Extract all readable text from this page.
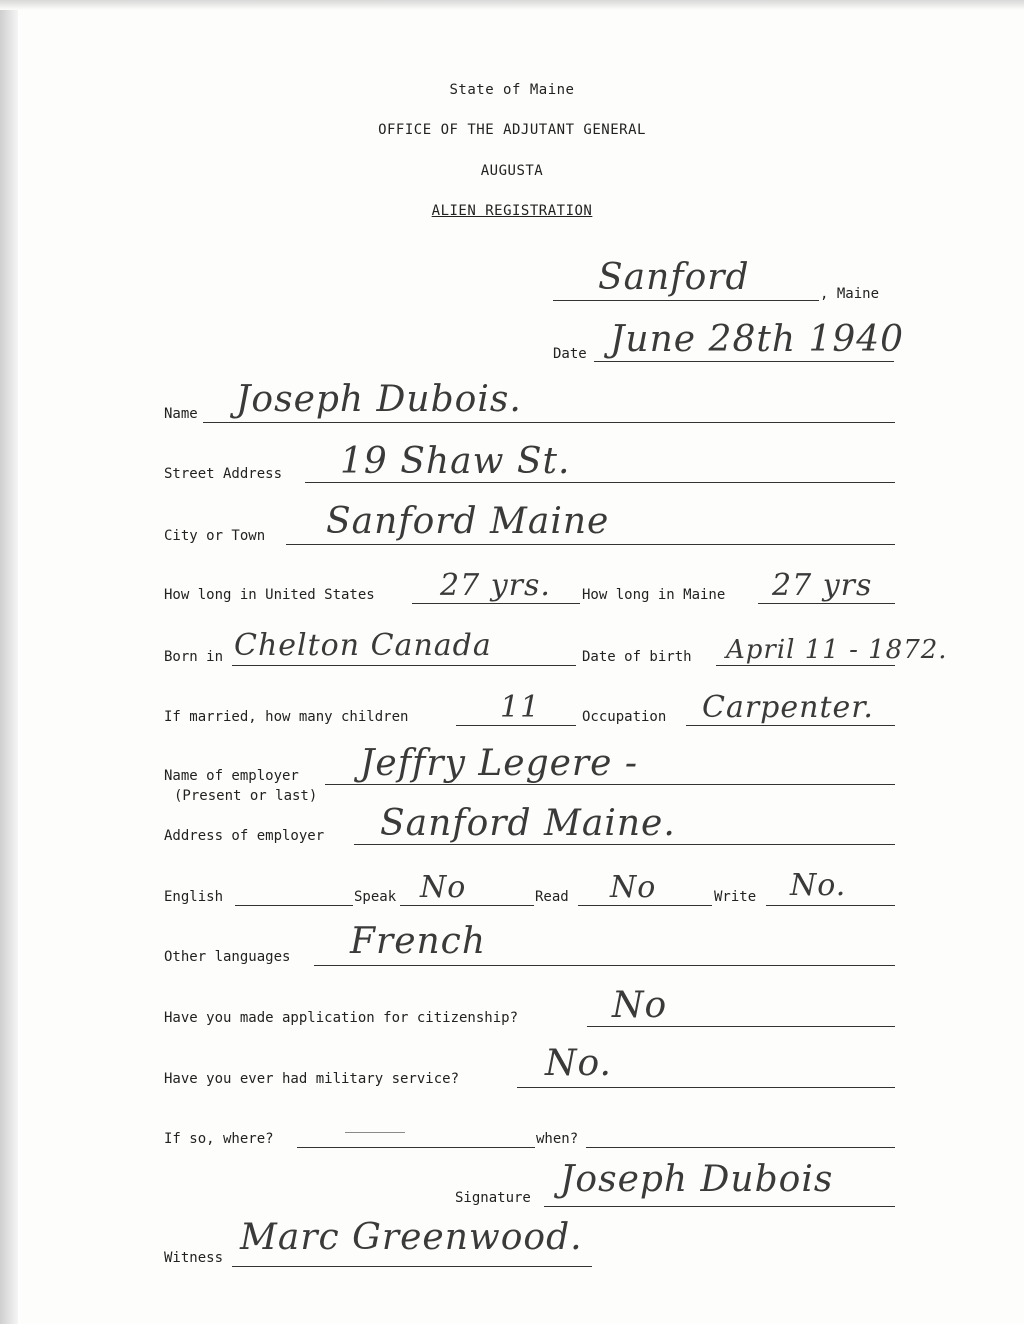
State of Maine
OFFICE OF THE ADJUTANT GENERAL
AUGUSTA
ALIEN REGISTRATION
Sanford	, Maine
Date June 28th 1940
Name Joseph Dubois.
Street Address 19 Shaw St.
City or Town Sanford Maine
How long in United States 27 yrs. How long in Maine 27 yrs
Born in Chelton Canada	Date of birth April 11 - 1872.
If married, how many children	11	Occupation Carpenter.
Name of employer
(Present or last)
Jeffry Legere -
Address of employer Sanford Maine.
English	Speak No	Read No	Write No.
Other languages French
Have you made application for citizenship?	No
Have you ever had military service? No.
If so, where?	when?
Signature Joseph Dubois
Witness Marc Greenwood.
